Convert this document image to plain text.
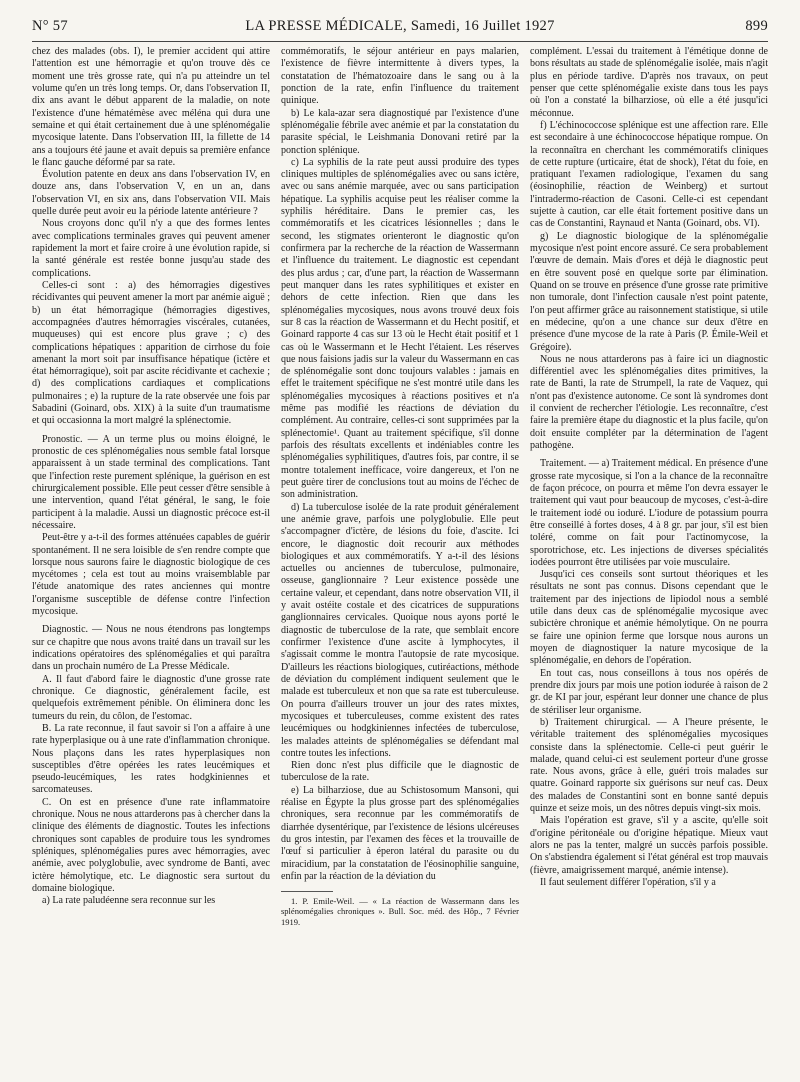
N° 57	LA PRESSE MÉDICALE, Samedi, 16 Juillet 1927	899

chez des malades (obs. I), le premier accident qui attire l'attention est une hémorragie et qu'on trouve dès ce moment une très grosse rate, qui n'a pu atteindre un tel volume qu'en un très long temps. Or, dans l'observation II, dix ans avant le début apparent de la maladie, on note l'existence d'une hématémèse avec méléna qui dura une semaine et qui était certainement due à une splénomégalie mycosique latente. Dans l'observation III, la fillette de 14 ans a toujours été jaune et avait depuis sa première enfance le flanc gauche déformé par sa rate.

Évolution patente en deux ans dans l'observation IV, en douze ans, dans l'observation V, en un an, dans l'observation VI, en six ans, dans l'observation VII. Mais quelle durée peut avoir eu la période latente antérieure ?

Nous croyons donc qu'il n'y a que des formes lentes avec complications terminales graves qui peuvent amener rapidement la mort et faire croire à une évolution rapide, si la santé générale est restée bonne jusqu'au stade des complications.

Celles-ci sont : a) des hémorragies digestives récidivantes qui peuvent amener la mort par anémie aiguë ; b) un état hémorragique (hémorragies digestives, accompagnées d'autres hémorragies viscérales, cutanées, muqueuses) qui est encore plus grave ; c) des complications hépatiques : apparition de cirrhose du foie amenant la mort soit par insuffisance hépatique (ictère et état hémorragique), soit par ascite récidivante et cachexie ; d) des complications cardiaques et complications pulmonaires ; e) la rupture de la rate observée une fois par Sabadini (Goinard, obs. XIX) à la suite d'un traumatisme et qui occasionna la mort malgré la splénectomie.

Pronostic. — A un terme plus ou moins éloigné, le pronostic de ces splénomégalies nous semble fatal lorsque apparaissent à un stade terminal des complications. Tant que l'infection reste purement splénique, la guérison en est chirurgicalement possible. Elle peut cesser d'être sensible à une intervention, quand l'état général, le sang, le foie participent à la maladie. Aussi un diagnostic précoce est-il nécessaire.

Peut-être y a-t-il des formes atténuées capables de guérir spontanément. Il ne sera loisible de s'en rendre compte que lorsque nous saurons faire le diagnostic biologique de ces mycétomes ; cela est tout au moins vraisemblable par l'étude anatomique des rates anciennes qui montre l'organisme susceptible de défense contre l'infection mycosique.

Diagnostic. — Nous ne nous étendrons pas longtemps sur ce chapitre que nous avons traité dans un travail sur les indications opératoires des splénomégalies et qui paraîtra dans un prochain numéro de La Presse Médicale.

A. Il faut d'abord faire le diagnostic d'une grosse rate chronique. Ce diagnostic, généralement facile, est quelquefois extrêmement pénible. On éliminera donc les tumeurs du rein, du côlon, de l'estomac.

B. La rate reconnue, il faut savoir si l'on a affaire à une rate hyperplasique ou à une rate d'inflammation chronique. Nous plaçons dans les rates hyperplasiques non susceptibles d'être opérées les rates leucémiques et pseudo-leucémiques, les rates hodgkiniennes et sarcomateuses.

C. On est en présence d'une rate inflammatoire chronique. Nous ne nous attarderons pas à chercher dans la clinique des éléments de diagnostic. Toutes les infections chroniques sont capables de produire tous les syndromes spléniques, splénomégalies pures avec hémorragies, avec anémie, avec polyglobulie, avec syndrome de Banti, avec ictère hémolytique, etc. Le diagnostic sera surtout du domaine biologique.

a) La rate paludéenne sera reconnue sur les

commémoratifs, le séjour antérieur en pays malarien, l'existence de fièvre intermittente à divers types, la constatation de l'hématozoaire dans le sang ou à la ponction de la rate, enfin l'influence du traitement quinique.

b) Le kala-azar sera diagnostiqué par l'existence d'une splénomégalie fébrile avec anémie et par la constatation du parasite spécial, le Leishmania Donovani retiré par la ponction splénique.

c) La syphilis de la rate peut aussi produire des types cliniques multiples de splénomégalies avec ou sans ictère, avec ou sans anémie marquée, avec ou sans participation hépatique. La syphilis acquise peut les réaliser comme la syphilis héréditaire. Dans le premier cas, les commémoratifs et les cicatrices lésionnelles ; dans le second, les stigmates orienteront le diagnostic qu'on confirmera par la recherche de la réaction de Wassermann et l'influence du traitement. Le diagnostic est cependant des plus ardus ; car, d'une part, la réaction de Wassermann peut manquer dans les rates syphilitiques et exister en dehors de cette infection. Rien que dans les splénomégalies mycosiques, nous avons trouvé deux fois sur 8 cas la réaction de Wassermann et du Hecht positif, et Goinard rapporte 4 cas sur 13 où le Hecht était positif et 1 cas où le Wassermann et le Hecht l'étaient. Les réserves que nous faisions jadis sur la valeur du Wassermann en cas de splénomégalie sont donc toujours valables : jamais en effet le traitement spécifique ne s'est montré utile dans les splénomégalies mycosiques à réactions positives et n'a même pas modifié les réactions de déviation du complément. Au contraire, celles-ci sont supprimées par la splénectomie¹. Quant au traitement spécifique, s'il donne parfois des résultats excellents et indéniables contre les splénomégalies syphilitiques, d'autres fois, par contre, il se montre totalement inefficace, voire dangereux, et l'on ne peut guère tirer de conclusions tout au moins de l'échec de son administration.

d) La tuberculose isolée de la rate produit généralement une anémie grave, parfois une polyglobulie. Elle peut s'accompagner d'ictère, de lésions du foie, d'ascite. Ici encore, le diagnostic doit recourir aux méthodes biologiques et aux commémoratifs. Y a-t-il des lésions actuelles ou anciennes de tuberculose, pulmonaire, osseuse, ganglionnaire ? Leur existence possède une certaine valeur, et cependant, dans notre observation VII, il y avait ostéite costale et des cicatrices de suppurations ganglionnaires cervicales. Quoique nous ayons porté le diagnostic de tuberculose de la rate, que semblait encore confirmer l'existence d'une ascite à lymphocytes, il s'agissait comme le montra l'autopsie de rate mycosique. D'ailleurs les réactions biologiques, cutiréactions, méthode de déviation du complément indiquent seulement que le malade est tuberculeux et non que sa rate est tuberculeuse. On pourra d'ailleurs trouver un jour des rates mixtes, mycosiques et tuberculeuses, comme existent des rates leucémiques ou hodgkiniennes infectées de tuberculose, les malades atteints de splénomégalies se défendant mal contre toutes les infections.

Rien donc n'est plus difficile que le diagnostic de tuberculose de la rate.

e) La bilharziose, due au Schistosomum Mansoni, qui réalise en Égypte la plus grosse part des splénomégalies chroniques, sera reconnue par les commémoratifs de diarrhée dysentérique, par l'existence de lésions ulcéreuses du gros intestin, par l'examen des fèces et la trouvaille de l'œuf si particulier à éperon latéral du parasite ou du miracidium, par la constatation de l'éosinophilie sanguine, enfin par la réaction de la déviation du

1. P. Emile-Weil. — « La réaction de Wassermann dans les splénomégalies chroniques ». Bull. Soc. méd. des Hôp., 7 Février 1919.

complément. L'essai du traitement à l'émétique donne de bons résultats au stade de splénomégalie isolée, mais n'agit plus en période tardive. D'après nos travaux, on peut penser que cette splénomégalie existe dans tous les pays où l'on a constaté la bilharziose, où elle a été jusqu'ici méconnue.

f) L'échinococcose splénique est une affection rare. Elle est secondaire à une échinococcose hépatique rompue. On la reconnaîtra en cherchant les commémoratifs cliniques de cette rupture (urticaire, état de shock), l'état du foie, en pratiquant l'examen radiologique, l'examen du sang (éosinophilie, réaction de Weinberg) et surtout l'intradermo-réaction de Casoni. Celle-ci est cependant sujette à caution, car elle était fortement positive dans un cas de Constantini, Raynaud et Nanta (Goinard, obs. VI).

g) Le diagnostic biologique de la splénomégalie mycosique n'est point encore assuré. Ce sera probablement l'œuvre de demain. Mais d'ores et déjà le diagnostic peut en être souvent posé en quelque sorte par élimination. Quand on se trouve en présence d'une grosse rate primitive non tumorale, dont l'infection causale n'est point patente, l'on peut affirmer grâce au raisonnement statistique, si utile en médecine, qu'on a une chance sur deux d'être en présence d'une mycose de la rate à Paris (P. Émile-Weil et Grégoire).

Nous ne nous attarderons pas à faire ici un diagnostic différentiel avec les splénomégalies dites primitives, la rate de Banti, la rate de Strumpell, la rate de Vaquez, qui n'ont pas d'existence autonome. Ce sont là syndromes dont il convient de rechercher l'étiologie. Les reconnaître, c'est faire la première étape du diagnostic et la plus facile, qu'on doit ensuite compléter par la détermination de l'agent pathogène.

Traitement. — a) Traitement médical. En présence d'une grosse rate mycosique, si l'on a la chance de la reconnaître de façon précoce, on pourra et même l'on devra essayer le traitement qui vaut pour beaucoup de mycoses, c'est-à-dire le traitement iodé ou ioduré. L'iodure de potassium pourra être conseillé à fortes doses, 4 à 8 gr. par jour, s'il est bien toléré, comme on fait pour l'actinomycose, la sporotrichose, etc. Les injections de diverses spécialités iodées pourront être utilisées par voie musculaire.

Jusqu'ici ces conseils sont surtout théoriques et les résultats ne sont pas connus. Disons cependant que le traitement par des injections de lipiodol nous a semblé utile dans deux cas de splénomégalie mycosique avec subictère chronique et anémie hémolytique. On ne pourra se faire une opinion ferme que lorsque nous aurons un moyen de diagnostiquer la nature mycosique de la splénomégalie, en dehors de l'opération.

En tout cas, nous conseillons à tous nos opérés de prendre dix jours par mois une potion iodurée à raison de 2 gr. de KI par jour, espérant leur donner une chance de plus de stériliser leur organisme.

b) Traitement chirurgical. — A l'heure présente, le véritable traitement des splénomégalies mycosiques consiste dans la splénectomie. Celle-ci peut guérir le malade, quand celui-ci est seulement porteur d'une grosse rate. Nous avons, grâce à elle, guéri trois malades sur quatre. Goinard rapporte six guérisons sur neuf cas. Deux des malades de Constantini sont en bonne santé depuis quinze et seize mois, un des nôtres depuis vingt-six mois.

Mais l'opération est grave, s'il y a ascite, qu'elle soit d'origine péritonéale ou d'origine hépatique. Mieux vaut alors ne pas la tenter, malgré un succès parfois possible. On s'abstiendra également si l'état général est trop mauvais (fièvre, amaigrissement marqué, anémie intense).

Il faut seulement différer l'opération, s'il y a
